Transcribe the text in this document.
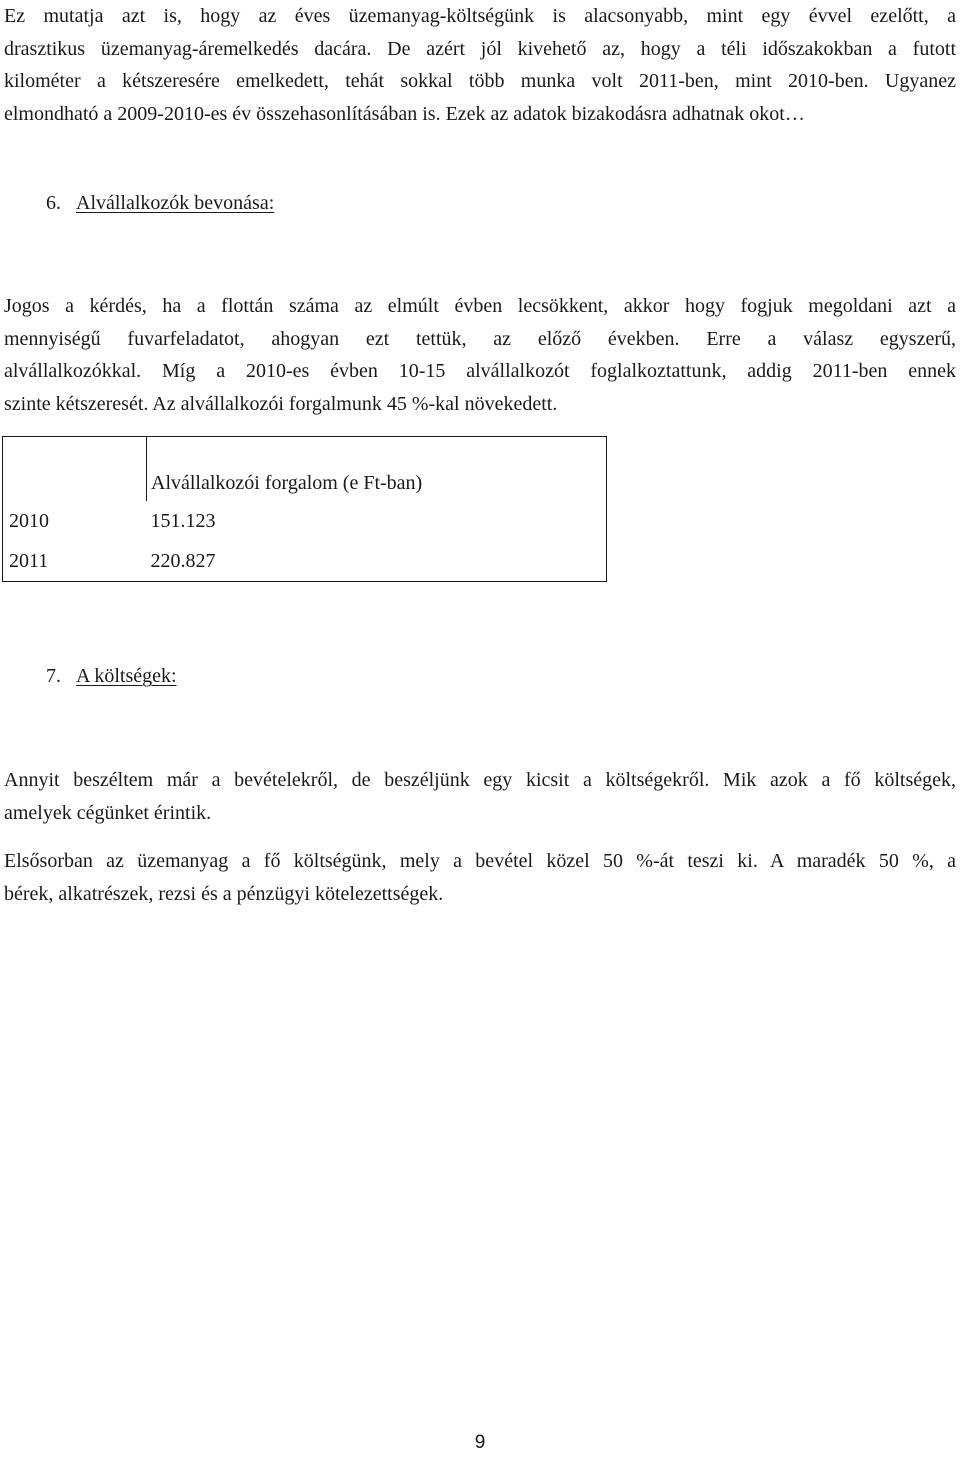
Ez mutatja azt is, hogy az éves üzemanyag-költségünk is alacsonyabb, mint egy évvel ezelőtt, a
drasztikus üzemanyag-áremelkedés dacára. De azért jól kivehető az, hogy a téli időszakokban a futott
kilométer a kétszeresére emelkedett, tehát sokkal több munka volt 2011-ben, mint 2010-ben. Ugyanez
elmondható a 2009-2010-es év összehasonlításában is. Ezek az adatok bizakodásra adhatnak okot…

6. Alvállalkozók bevonása:

Jogos a kérdés, ha a flottán száma az elmúlt évben lecsökkent, akkor hogy fogjuk megoldani azt a
mennyiségű fuvarfeladatot, ahogyan ezt tettük, az előző években. Erre a válasz egyszerű,
alvállalkozókkal. Míg a 2010-es évben 10-15 alvállalkozót foglalkoztattunk, addig 2011-ben ennek
szinte kétszeresét. Az alvállalkozói forgalmunk 45 %-kal növekedett.

	Alvállalkozói forgalom (e Ft-ban)
2010	151.123
2011	220.827

7. A költségek:

Annyit beszéltem már a bevételekről, de beszéljünk egy kicsit a költségekről. Mik azok a fő költségek,
amelyek cégünket érintik.

Elsősorban az üzemanyag a fő költségünk, mely a bevétel közel 50 %-át teszi ki. A maradék 50 %, a
bérek, alkatrészek, rezsi és a pénzügyi kötelezettségek.

9
